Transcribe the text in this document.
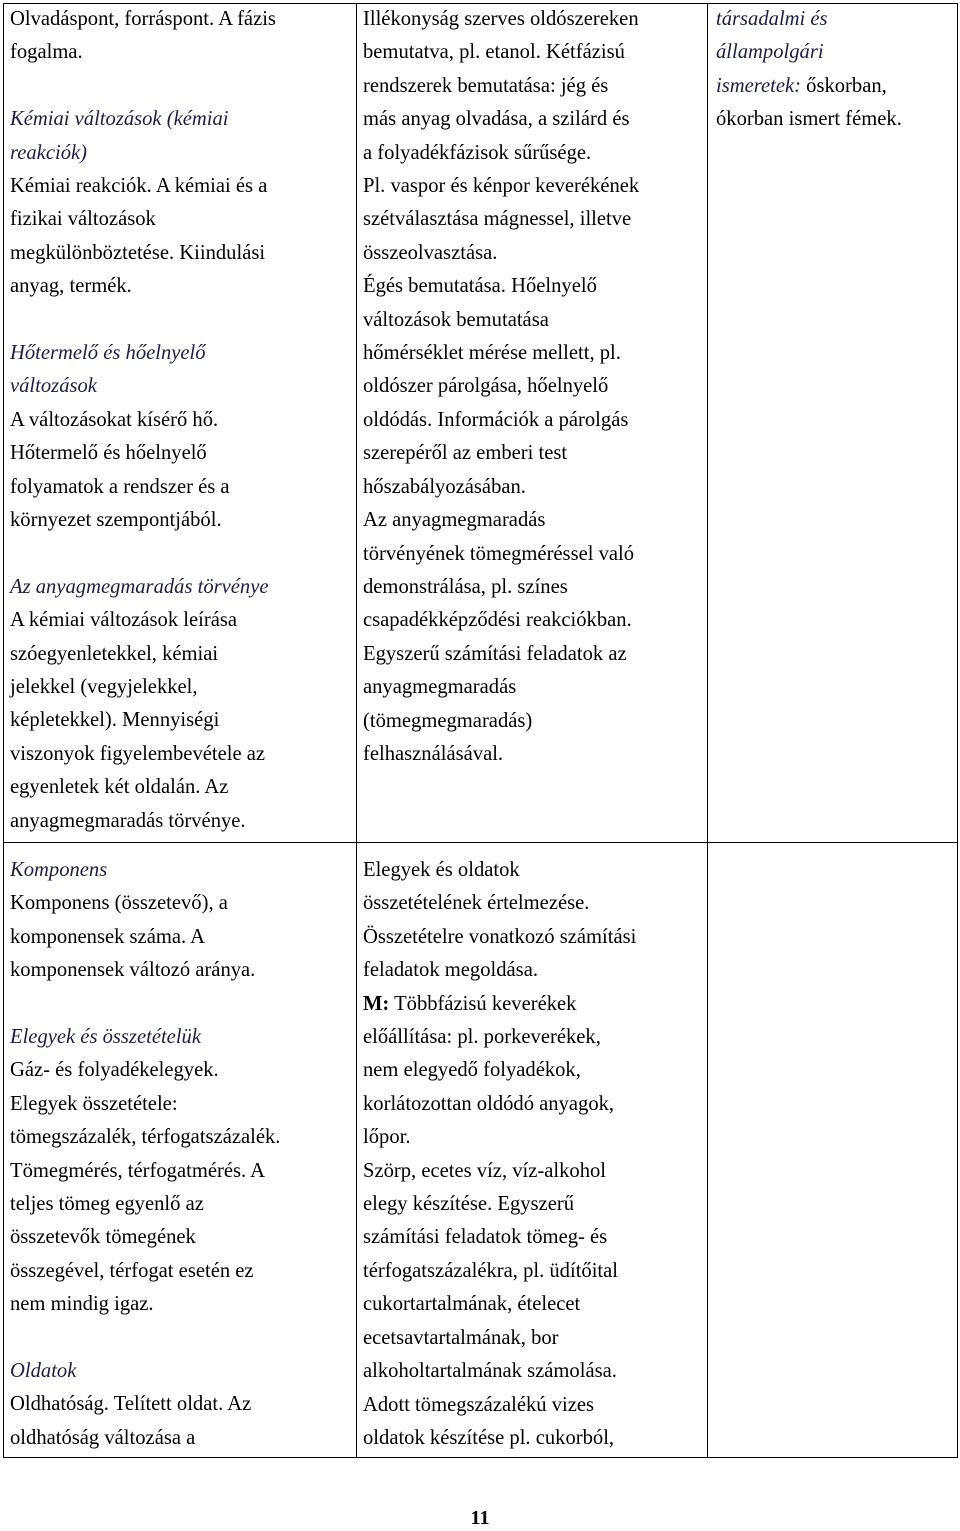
Olvadáspont, forráspont. A fázis

fogalma.

Kémiai változások (kémiai

reakciók)

Kémiai reakciók. A kémiai és a

fizikai változások

megkülönböztetése. Kiindulási

anyag, termék.

Hőtermelő és hőelnyelő

változások

A változásokat kísérő hő.

Hőtermelő és hőelnyelő

folyamatok a rendszer és a

környezet szempontjából.

Az anyagmegmaradás törvénye

A kémiai változások leírása

szóegyenletekkel, kémiai

jelekkel (vegyjelekkel,

képletekkel). Mennyiségi

viszonyok figyelembevétele az

egyenletek két oldalán. Az

anyagmegmaradás törvénye.

Illékonyság szerves oldószereken

bemutatva, pl. etanol. Kétfázisú

rendszerek bemutatása: jég és

más anyag olvadása, a szilárd és

a folyadékfázisok sűrűsége.

Pl. vaspor és kénpor keverékének

szétválasztása mágnessel, illetve

összeolvasztása.

Égés bemutatása. Hőelnyelő

változások bemutatása

hőmérséklet mérése mellett, pl.

oldószer párolgása, hőelnyelő

oldódás. Információk a párolgás

szerepéről az emberi test

hőszabályozásában.

Az anyagmegmaradás

törvényének tömegméréssel való

demonstrálása, pl. színes

csapadékképződési reakciókban.

Egyszerű számítási feladatok az

anyagmegmaradás

(tömegmegmaradás)

felhasználásával.

társadalmi és

állampolgári

ismeretek: őskorban,

ókorban ismert fémek.

Komponens

Komponens (összetevő), a

komponensek száma. A

komponensek változó aránya.

Elegyek és összetételük

Gáz- és folyadékelegyek.

Elegyek összetétele:

tömegszázalék, térfogatszázalék.

Tömegmérés, térfogatmérés. A

teljes tömeg egyenlő az

összetevők tömegének

összegével, térfogat esetén ez

nem mindig igaz.

Oldatok

Oldhatóság. Telített oldat. Az

oldhatóság változása a

Elegyek és oldatok

összetételének értelmezése.

Összetételre vonatkozó számítási

feladatok megoldása.

M: Többfázisú keverékek

előállítása: pl. porkeverékek,

nem elegyedő folyadékok,

korlátozottan oldódó anyagok,

lőpor.

Szörp, ecetes víz, víz-alkohol

elegy készítése. Egyszerű

számítási feladatok tömeg- és

térfogatszázalékra, pl. üdítőital

cukortartalmának, ételecet

ecetsavtartalmának, bor

alkoholtartalmának számolása.

Adott tömegszázalékú vizes

oldatok készítése pl. cukorból,

11
